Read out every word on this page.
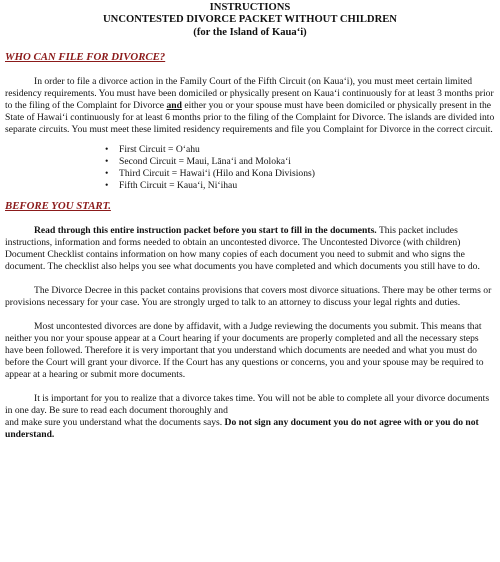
INSTRUCTIONS
UNCONTESTED DIVORCE PACKET WITHOUT CHILDREN
(for the Island of Kaua‘i)
WHO CAN FILE FOR DIVORCE?

In order to file a divorce action in the Family Court of the Fifth Circuit (on Kaua‘i), you must meet certain limited residency requirements. You must have been domiciled or physically present on Kaua‘i continuously for at least 3 months prior to the filing of the Complaint for Divorce and either you or your spouse must have been domiciled or physically present in the State of Hawai‘i continuously for at least 6 months prior to the filing of the Complaint for Divorce. The islands are divided into separate circuits. You must meet these limited residency requirements and file you Complaint for Divorce in the correct circuit.

• First Circuit = O‘ahu
• Second Circuit = Maui, Lāna‘i and Moloka‘i
• Third Circuit = Hawai‘i (Hilo and Kona Divisions)
• Fifth Circuit = Kaua‘i, Ni‘ihau
BEFORE YOU START.

Read through this entire instruction packet before you start to fill in the documents. This packet includes instructions, information and forms needed to obtain an uncontested divorce. The Uncontested Divorce (with children) Document Checklist contains information on how many copies of each document you need to submit and who signs the document. The checklist also helps you see what documents you have completed and which documents you still have to do.

The Divorce Decree in this packet contains provisions that covers most divorce situations. There may be other terms or provisions necessary for your case. You are strongly urged to talk to an attorney to discuss your legal rights and duties.

Most uncontested divorces are done by affidavit, with a Judge reviewing the documents you submit. This means that neither you nor your spouse appear at a Court hearing if your documents are properly completed and all the necessary steps have been followed. Therefore it is very important that you understand which documents are needed and what you must do before the Court will grant your divorce. If the Court has any questions or concerns, you and your spouse may be required to appear at a hearing or submit more documents.

It is important for you to realize that a divorce takes time. You will not be able to complete all your divorce documents in one day. Be sure to read each document thoroughly and
and make sure you understand what the documents says. Do not sign any document you do not agree with or you do not understand.
